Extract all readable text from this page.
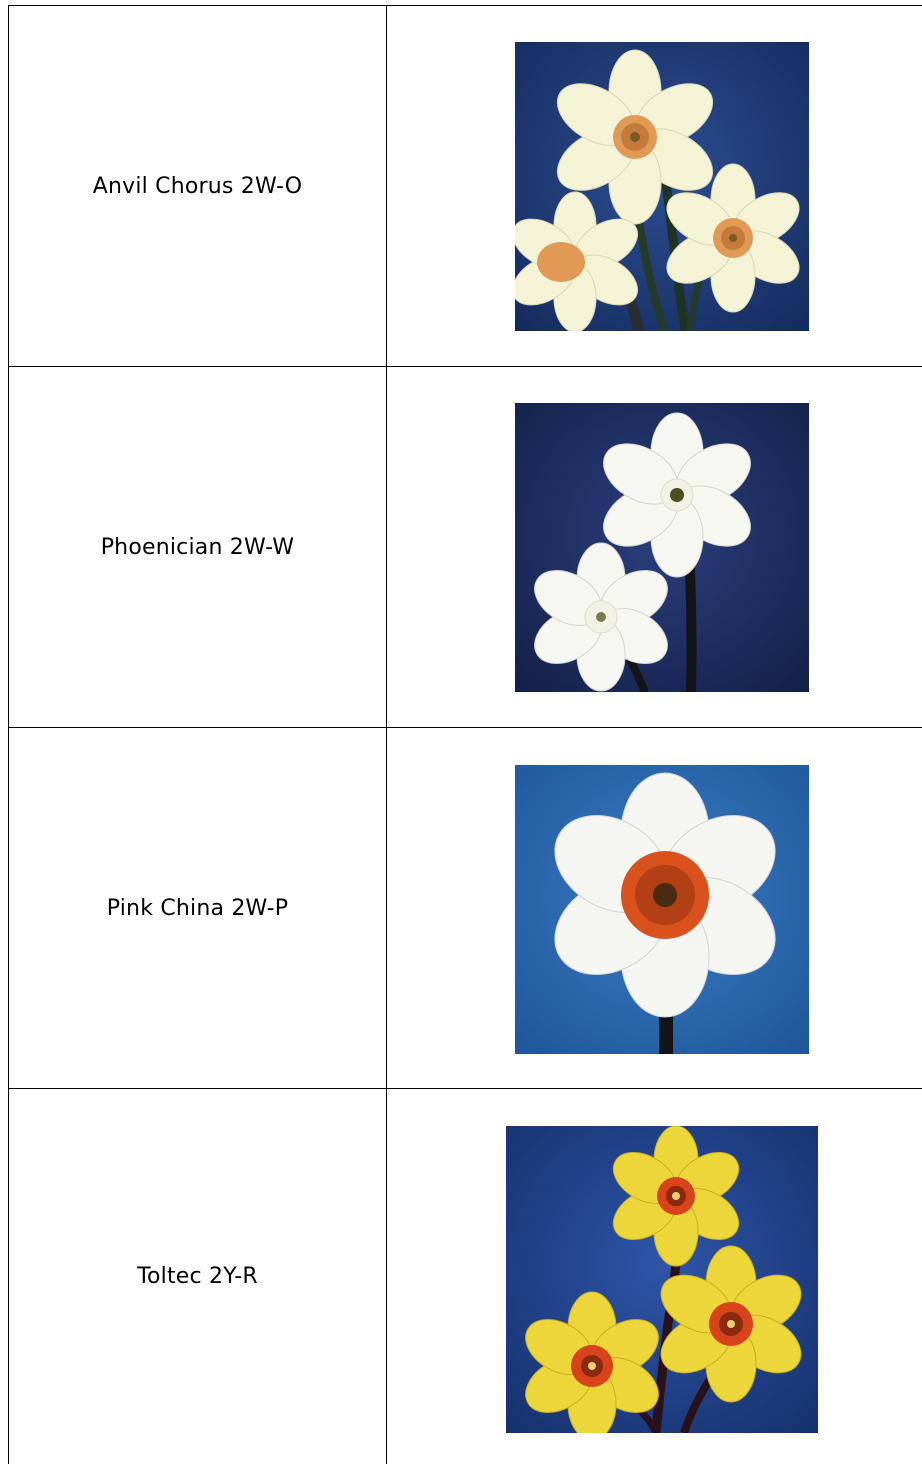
Anvil Chorus 2W-O
Phoenician 2W-W
Pink China 2W-P
Toltec 2Y-R
